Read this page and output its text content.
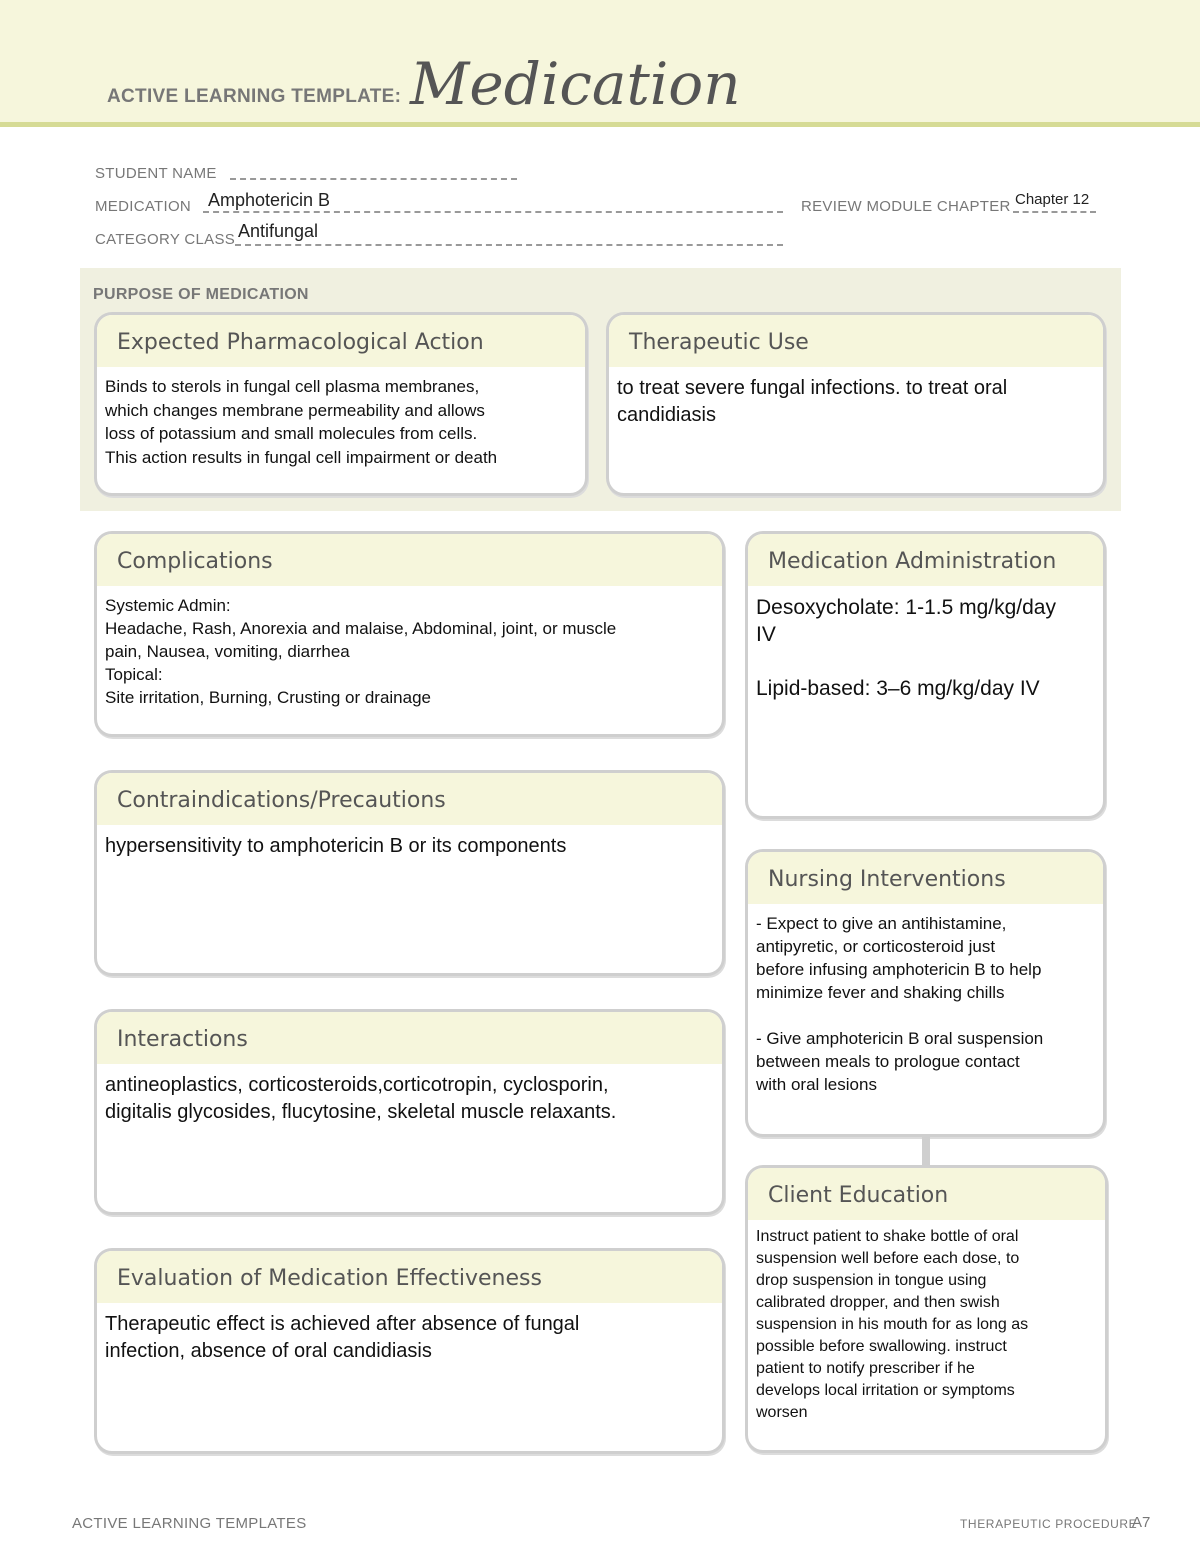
ACTIVE LEARNING TEMPLATE: Medication
STUDENT NAME
MEDICATION Amphotericin B	REVIEW MODULE CHAPTER Chapter 12
CATEGORY CLASS Antifungal
PURPOSE OF MEDICATION
Expected Pharmacological Action
Binds to sterols in fungal cell plasma membranes,
which changes membrane permeability and allows
loss of potassium and small molecules from cells.
This action results in fungal cell impairment or death
Therapeutic Use
to treat severe fungal infections. to treat oral
candidiasis
Complications
Systemic Admin:
Headache, Rash, Anorexia and malaise, Abdominal, joint, or muscle
pain, Nausea, vomiting, diarrhea
Topical:
Site irritation, Burning, Crusting or drainage
Medication Administration
Desoxycholate: 1-1.5 mg/kg/day
IV

Lipid-based: 3–6 mg/kg/day IV
Contraindications/Precautions
hypersensitivity to amphotericin B or its components
Nursing Interventions
- Expect to give an antihistamine,
antipyretic, or corticosteroid just
before infusing amphotericin B to help
minimize fever and shaking chills

- Give amphotericin B oral suspension
between meals to prologue contact
with oral lesions
Interactions
antineoplastics, corticosteroids,corticotropin, cyclosporin,
digitalis glycosides, flucytosine, skeletal muscle relaxants.
Client Education
Instruct patient to shake bottle of oral
suspension well before each dose, to
drop suspension in tongue using
calibrated dropper, and then swish
suspension in his mouth for as long as
possible before swallowing. instruct
patient to notify prescriber if he
develops local irritation or symptoms
worsen
Evaluation of Medication Effectiveness
Therapeutic effect is achieved after absence of fungal
infection, absence of oral candidiasis
ACTIVE LEARNING TEMPLATES	THERAPEUTIC PROCEDURE
A7
